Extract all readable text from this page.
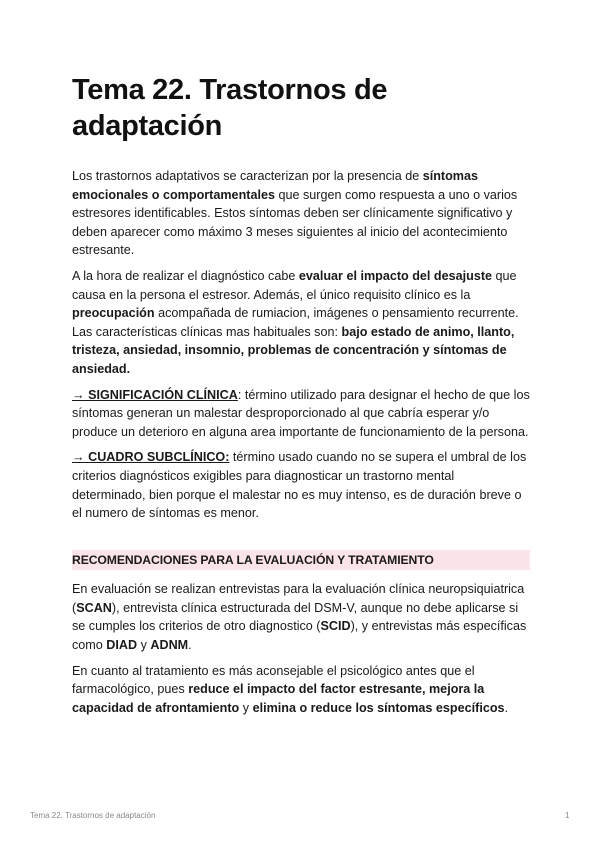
Tema 22. Trastornos de adaptación

Los trastornos adaptativos se caracterizan por la presencia de síntomas emocionales o comportamentales que surgen como respuesta a uno o varios estresores identificables. Estos síntomas deben ser clínicamente significativo y deben aparecer como máximo 3 meses siguientes al inicio del acontecimiento estresante.

A la hora de realizar el diagnóstico cabe evaluar el impacto del desajuste que causa en la persona el estresor. Además, el único requisito clínico es la preocupación acompañada de rumiacion, imágenes o pensamiento recurrente. Las características clínicas mas habituales son: bajo estado de animo, llanto, tristeza, ansiedad, insomnio, problemas de concentración y síntomas de ansiedad.

→ SIGNIFICACIÓN CLÍNICA: término utilizado para designar el hecho de que los síntomas generan un malestar desproporcionado al que cabría esperar y/o produce un deterioro en alguna area importante de funcionamiento de la persona.

→ CUADRO SUBCLÍNICO: término usado cuando no se supera el umbral de los criterios diagnósticos exigibles para diagnosticar un trastorno mental determinado, bien porque el malestar no es muy intenso, es de duración breve o el numero de síntomas es menor.

RECOMENDACIONES PARA LA EVALUACIÓN Y TRATAMIENTO

En evaluación se realizan entrevistas para la evaluación clínica neuropsiquiatrica (SCAN), entrevista clínica estructurada del DSM-V, aunque no debe aplicarse si se cumples los criterios de otro diagnostico (SCID), y entrevistas más específicas como DIAD y ADNM.

En cuanto al tratamiento es más aconsejable el psicológico antes que el farmacológico, pues reduce el impacto del factor estresante, mejora la capacidad de afrontamiento y elimina o reduce los síntomas específicos.

Tema 22. Trastornos de adaptación	1
